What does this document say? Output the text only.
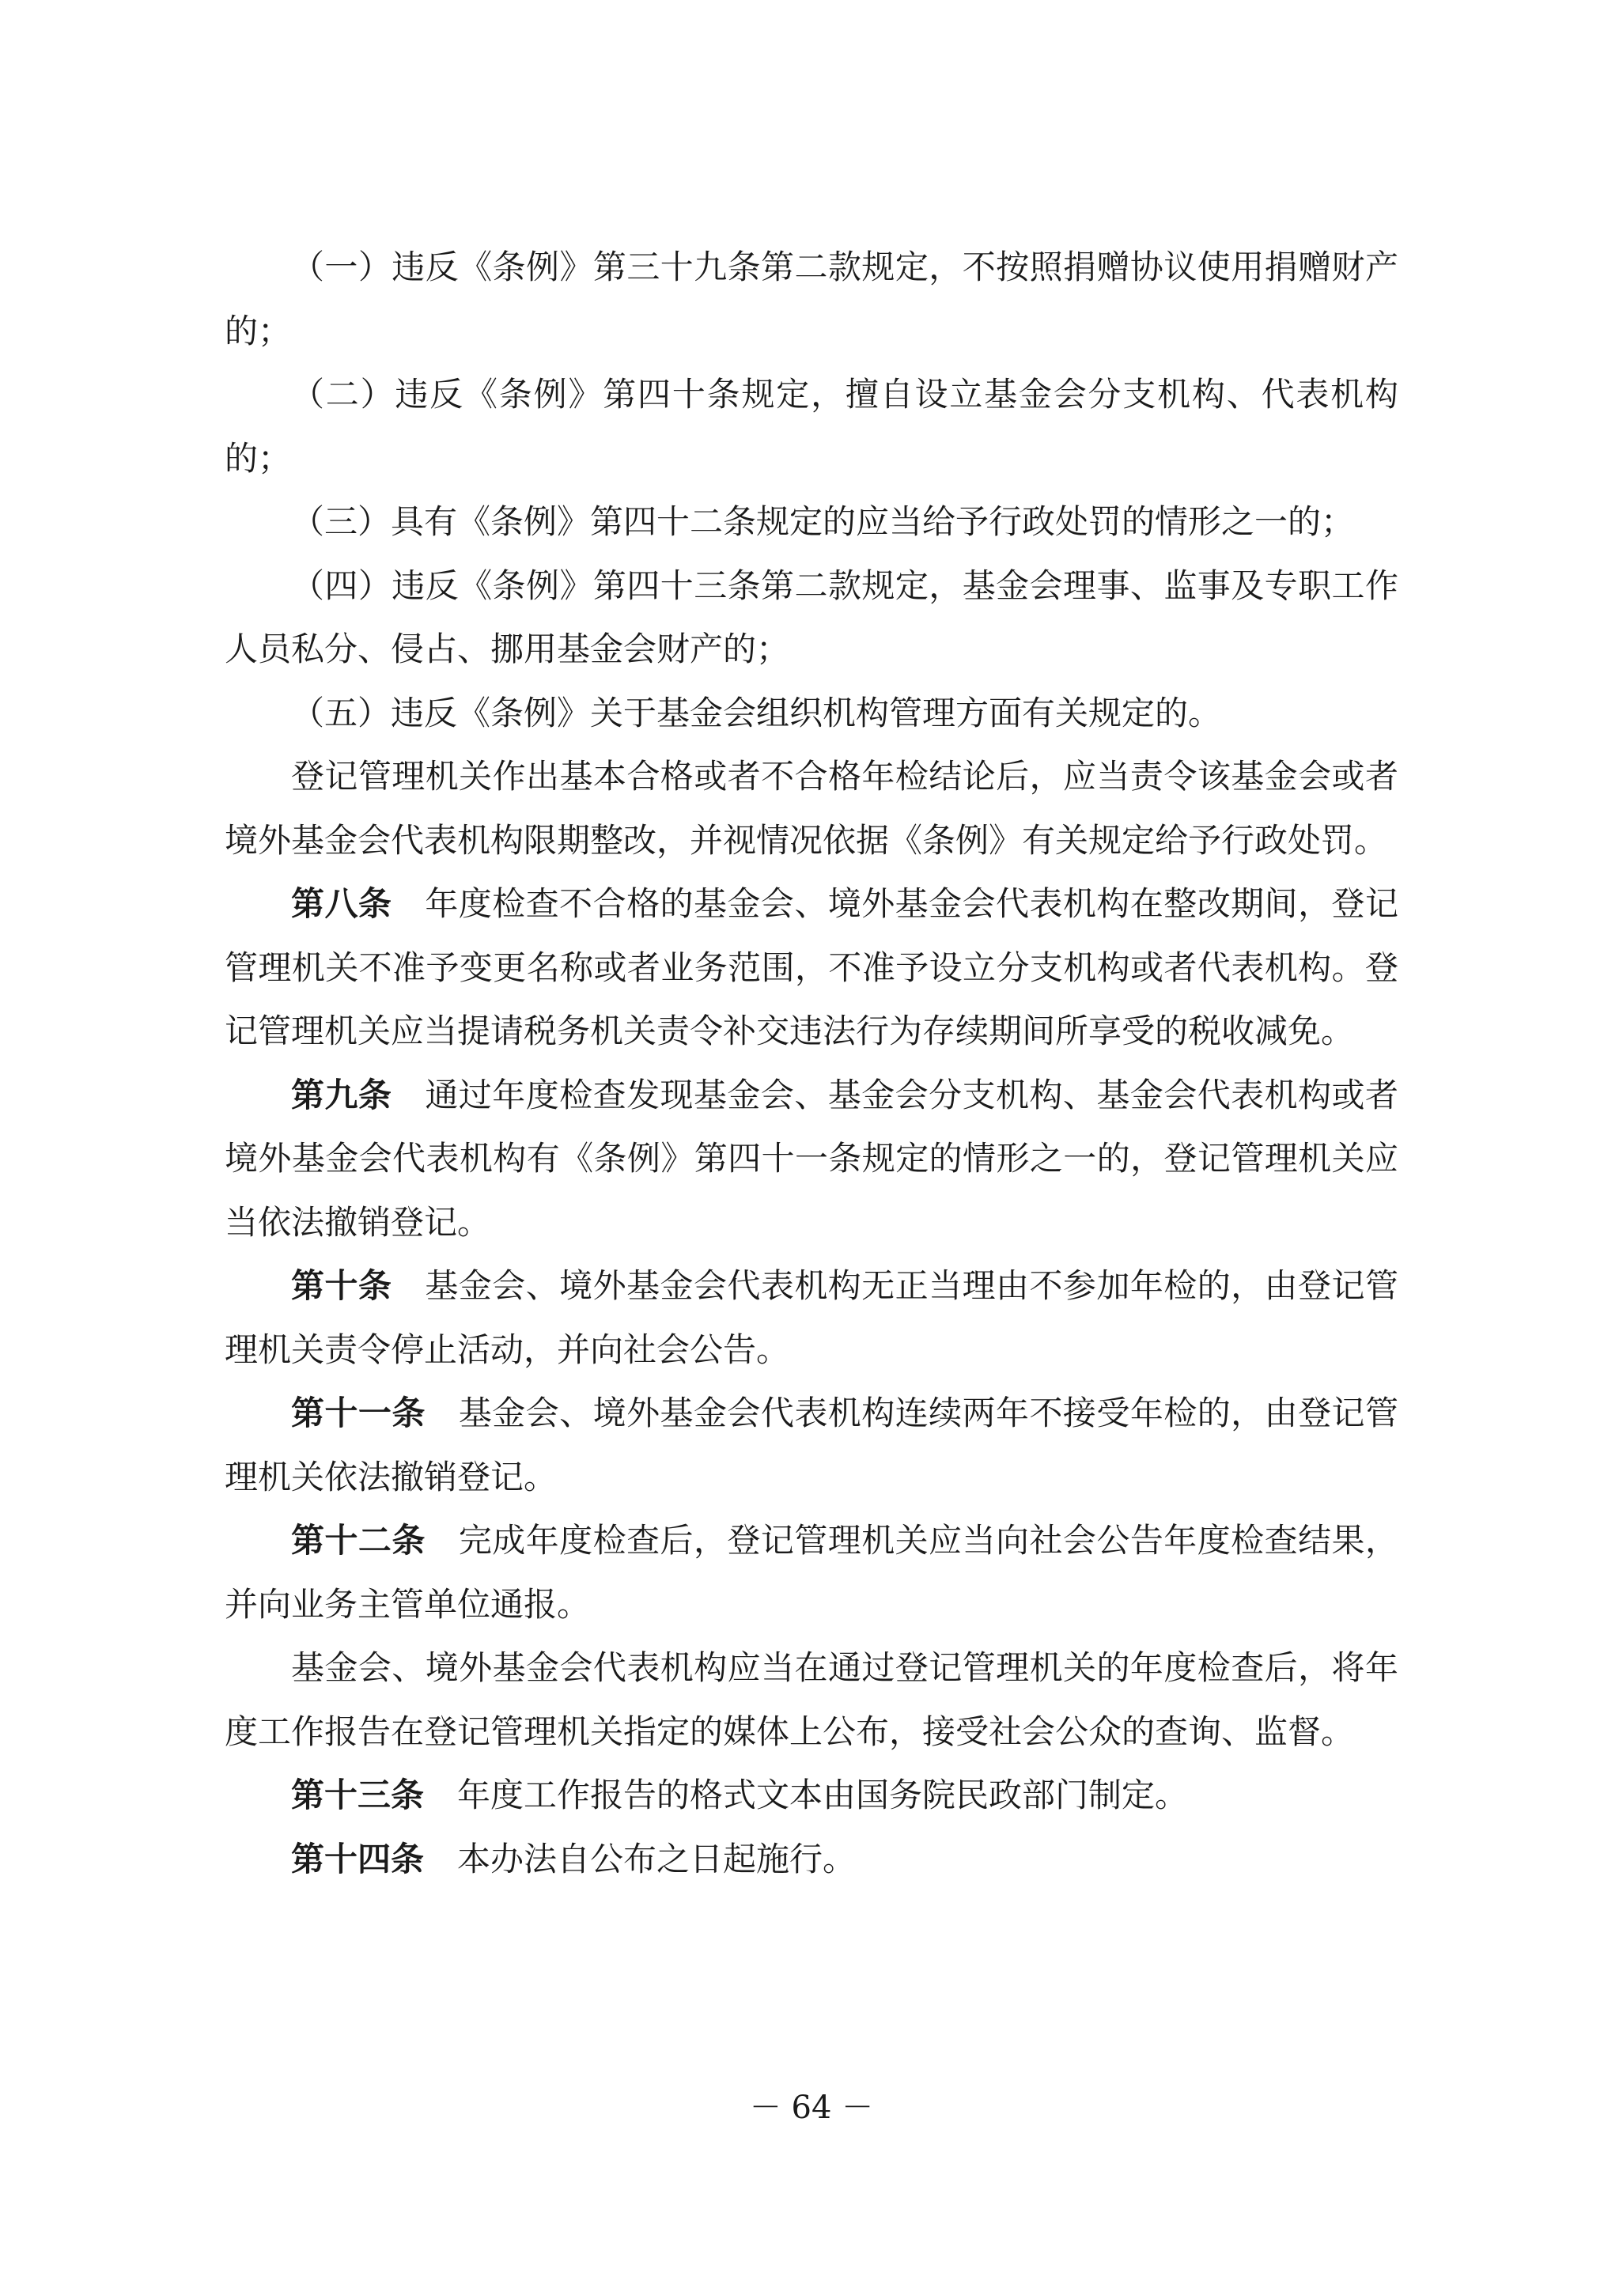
（一）违反《条例》第三十九条第二款规定，不按照捐赠协议使用捐赠财产的；

（二）违反《条例》第四十条规定，擅自设立基金会分支机构、代表机构的；

（三）具有《条例》第四十二条规定的应当给予行政处罚的情形之一的；

（四）违反《条例》第四十三条第二款规定，基金会理事、监事及专职工作人员私分、侵占、挪用基金会财产的；

（五）违反《条例》关于基金会组织机构管理方面有关规定的。

登记管理机关作出基本合格或者不合格年检结论后，应当责令该基金会或者境外基金会代表机构限期整改，并视情况依据《条例》有关规定给予行政处罚。

第八条 年度检查不合格的基金会、境外基金会代表机构在整改期间，登记管理机关不准予变更名称或者业务范围，不准予设立分支机构或者代表机构。登记管理机关应当提请税务机关责令补交违法行为存续期间所享受的税收减免。

第九条 通过年度检查发现基金会、基金会分支机构、基金会代表机构或者境外基金会代表机构有《条例》第四十一条规定的情形之一的，登记管理机关应当依法撤销登记。

第十条 基金会、境外基金会代表机构无正当理由不参加年检的，由登记管理机关责令停止活动，并向社会公告。

第十一条 基金会、境外基金会代表机构连续两年不接受年检的，由登记管理机关依法撤销登记。

第十二条 完成年度检查后，登记管理机关应当向社会公告年度检查结果，并向业务主管单位通报。

基金会、境外基金会代表机构应当在通过登记管理机关的年度检查后，将年度工作报告在登记管理机关指定的媒体上公布，接受社会公众的查询、监督。

第十三条 年度工作报告的格式文本由国务院民政部门制定。

第十四条 本办法自公布之日起施行。

－ 64 －
